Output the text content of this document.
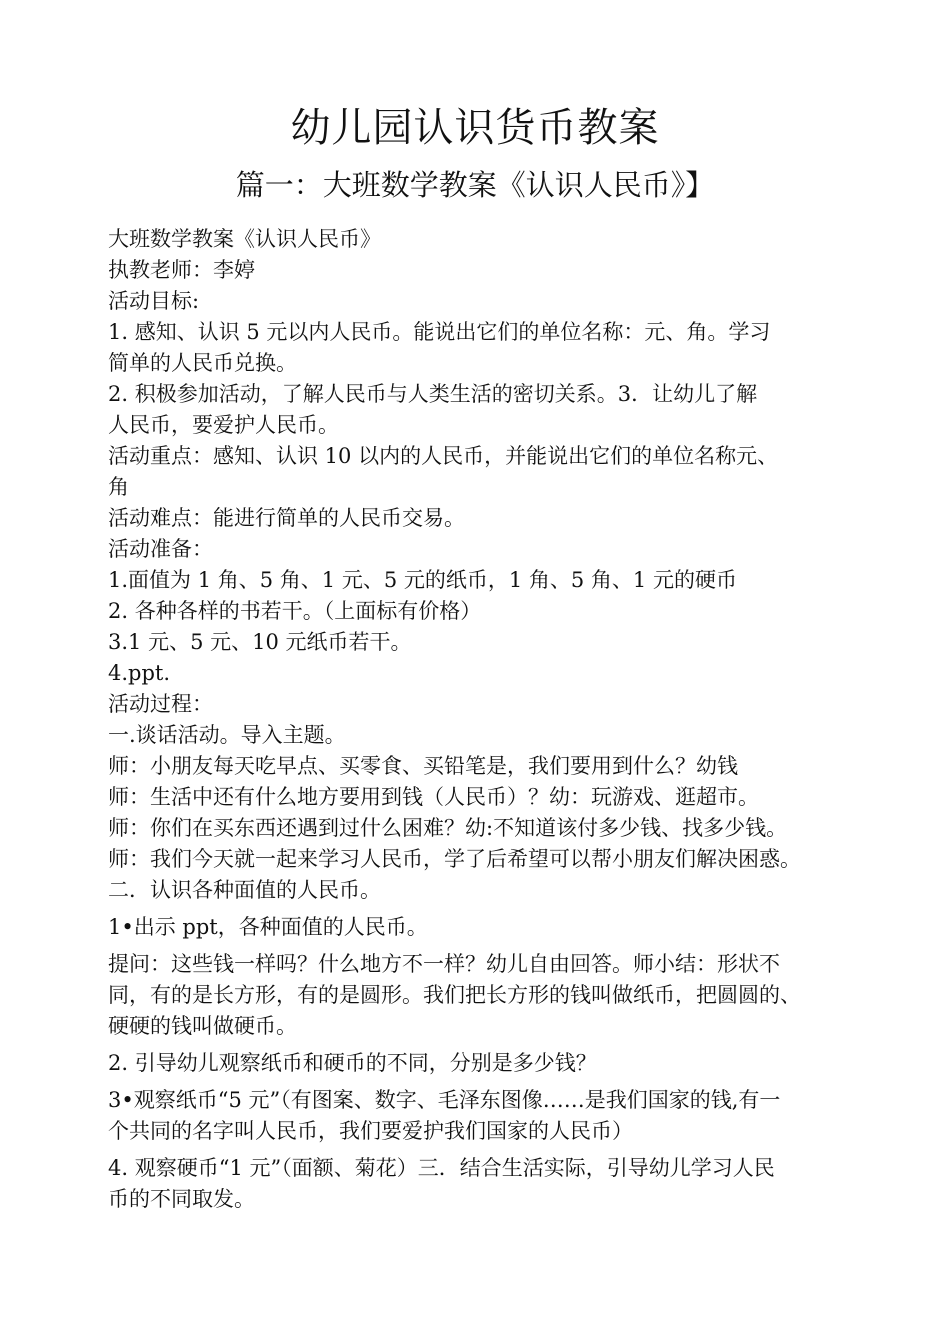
幼儿园认识货币教案
篇一：大班数学教案《认识人民币》】

大班数学教案《认识人民币》

执教老师：李婷

活动目标:

1. 感知、认识 5 元以内人民币。能说出它们的单位名称：元、角。学习

简单的人民币兑换。

2. 积极参加活动，了解人民币与人类生活的密切关系。3．让幼儿了解

人民币，要爱护人民币。

活动重点：感知、认识 10 以内的人民币，并能说出它们的单位名称元、

角

活动难点：能进行简单的人民币交易。

活动准备：

1.面值为 1 角、5 角、1 元、5 元的纸币，1 角、5 角、1 元的硬币

2. 各种各样的书若干。（上面标有价格）

3.1 元、5 元、10 元纸币若干。

4.ppt.

活动过程：

一.谈话活动。导入主题。

师：小朋友每天吃早点、买零食、买铅笔是，我们要用到什么？幼钱

师：生活中还有什么地方要用到钱（人民币）？幼：玩游戏、逛超市。

师：你们在买东西还遇到过什么困难？幼:不知道该付多少钱、找多少钱。

师：我们今天就一起来学习人民币，学了后希望可以帮小朋友们解决困惑。

二．认识各种面值的人民币。

1•出示 ppt，各种面值的人民币。

提问：这些钱一样吗？什么地方不一样？幼儿自由回答。师小结：形状不

同，有的是长方形，有的是圆形。我们把长方形的钱叫做纸币，把圆圆的、

硬硬的钱叫做硬币。

2. 引导幼儿观察纸币和硬币的不同，分别是多少钱？

3•观察纸币“5 元”（有图案、数字、毛泽东图像……是我们国家的钱,有一

个共同的名字叫人民币，我们要爱护我们国家的人民币）

4. 观察硬币“1 元”（面额、菊花）三．结合生活实际，引导幼儿学习人民

币的不同取发。
